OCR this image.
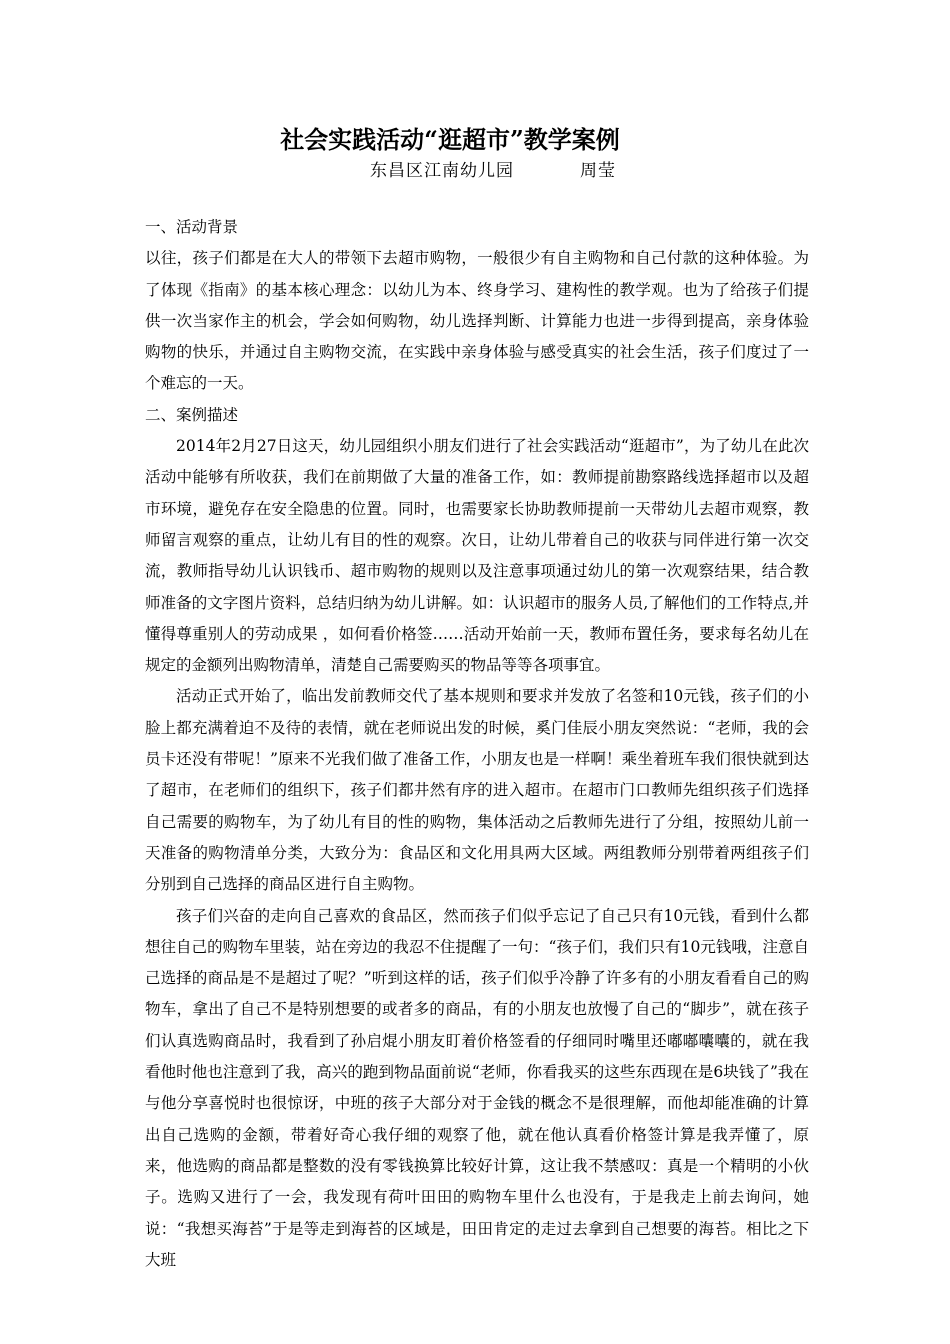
社会实践活动“逛超市”教学案例
东昌区江南幼儿园	周莹

一、活动背景

以往，孩子们都是在大人的带领下去超市购物，一般很少有自主购物和自己付款的这种体验。为了体现《指南》的基本核心理念：以幼儿为本、终身学习、建构性的教学观。也为了给孩子们提供一次当家作主的机会，学会如何购物，幼儿选择判断、计算能力也进一步得到提高，亲身体验购物的快乐，并通过自主购物交流，在实践中亲身体验与感受真实的社会生活，孩子们度过了一个难忘的一天。

二、案例描述

2014年2月27日这天，幼儿园组织小朋友们进行了社会实践活动“逛超市”，为了幼儿在此次活动中能够有所收获，我们在前期做了大量的准备工作，如：教师提前勘察路线选择超市以及超市环境，避免存在安全隐患的位置。同时，也需要家长协助教师提前一天带幼儿去超市观察，教师留言观察的重点，让幼儿有目的性的观察。次日，让幼儿带着自己的收获与同伴进行第一次交流，教师指导幼儿认识钱币、超市购物的规则以及注意事项通过幼儿的第一次观察结果，结合教师准备的文字图片资料，总结归纳为幼儿讲解。如：认识超市的服务人员,了解他们的工作特点,并懂得尊重别人的劳动成果 ，如何看价格签……活动开始前一天，教师布置任务，要求每名幼儿在规定的金额列出购物清单，清楚自己需要购买的物品等等各项事宜。

活动正式开始了，临出发前教师交代了基本规则和要求并发放了名签和10元钱，孩子们的小脸上都充满着迫不及待的表情，就在老师说出发的时候，奚门佳辰小朋友突然说：“老师，我的会员卡还没有带呢！”原来不光我们做了准备工作，小朋友也是一样啊！乘坐着班车我们很快就到达了超市，在老师们的组织下，孩子们都井然有序的进入超市。在超市门口教师先组织孩子们选择自己需要的购物车，为了幼儿有目的性的购物，集体活动之后教师先进行了分组，按照幼儿前一天准备的购物清单分类，大致分为：食品区和文化用具两大区域。两组教师分别带着两组孩子们分别到自己选择的商品区进行自主购物。

孩子们兴奋的走向自己喜欢的食品区，然而孩子们似乎忘记了自己只有10元钱，看到什么都想往自己的购物车里装，站在旁边的我忍不住提醒了一句：“孩子们，我们只有10元钱哦，注意自己选择的商品是不是超过了呢？”听到这样的话，孩子们似乎冷静了许多有的小朋友看看自己的购物车，拿出了自己不是特别想要的或者多的商品，有的小朋友也放慢了自己的“脚步”，就在孩子们认真选购商品时，我看到了孙启焜小朋友盯着价格签看的仔细同时嘴里还嘟嘟囔囔的，就在我看他时他也注意到了我，高兴的跑到物品面前说“老师，你看我买的这些东西现在是6块钱了”我在与他分享喜悦时也很惊讶，中班的孩子大部分对于金钱的概念不是很理解，而他却能准确的计算出自己选购的金额，带着好奇心我仔细的观察了他，就在他认真看价格签计算是我弄懂了，原来，他选购的商品都是整数的没有零钱换算比较好计算，这让我不禁感叹：真是一个精明的小伙子。选购又进行了一会，我发现有荷叶田田的购物车里什么也没有，于是我走上前去询问，她说：“我想买海苔”于是等走到海苔的区域是，田田肯定的走过去拿到自己想要的海苔。相比之下大班
